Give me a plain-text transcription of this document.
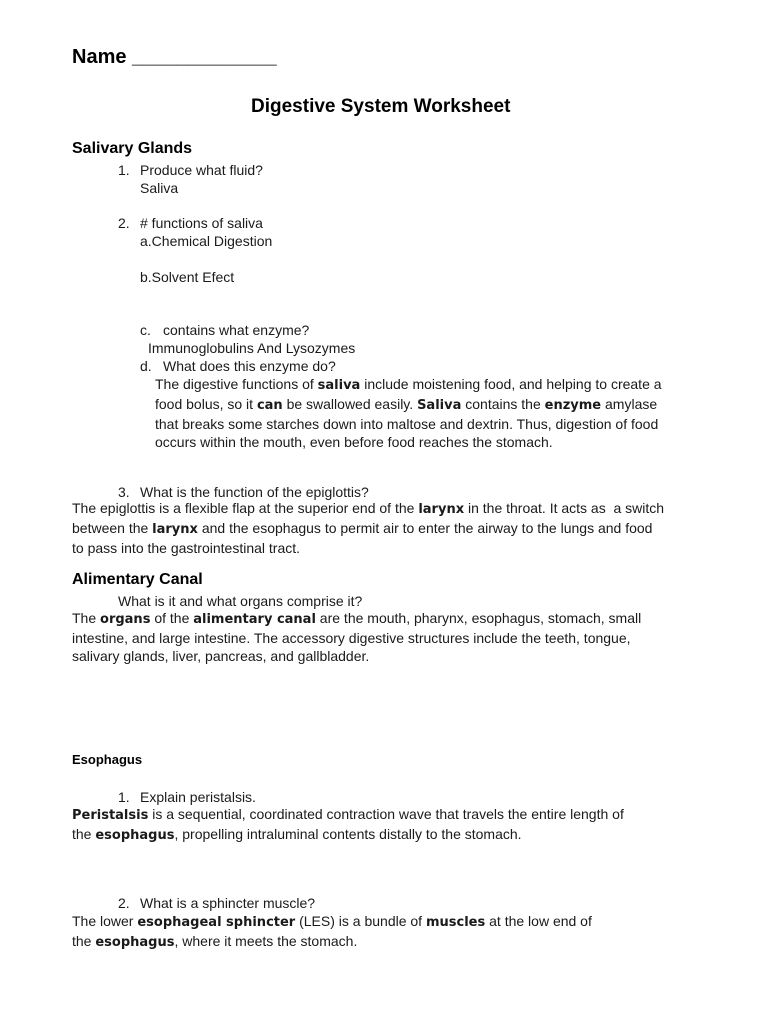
Name _____________
Digestive System Worksheet
Salivary Glands
1. Produce what fluid?
Saliva
2. # functions of saliva
a.Chemical Digestion
b.Solvent Efect
c. contains what enzyme?
Immunoglobulins And Lysozymes
d. What does this enzyme do?
The digestive functions of saliva include moistening food, and helping to create a
food bolus, so it can be swallowed easily. Saliva contains the enzyme amylase
that breaks some starches down into maltose and dextrin. Thus, digestion of food
occurs within the mouth, even before food reaches the stomach.
3. What is the function of the epiglottis?
The epiglottis is a flexible flap at the superior end of the larynx in the throat. It acts as  a switch
between the larynx and the esophagus to permit air to enter the airway to the lungs and food
to pass into the gastrointestinal tract.
Alimentary Canal
What is it and what organs comprise it?
The organs of the alimentary canal are the mouth, pharynx, esophagus, stomach, small
intestine, and large intestine. The accessory digestive structures include the teeth, tongue,
salivary glands, liver, pancreas, and gallbladder.
Esophagus
1. Explain peristalsis.
Peristalsis is a sequential, coordinated contraction wave that travels the entire length of
the esophagus, propelling intraluminal contents distally to the stomach.
2. What is a sphincter muscle?
The lower esophageal sphincter (LES) is a bundle of muscles at the low end of
the esophagus, where it meets the stomach.
